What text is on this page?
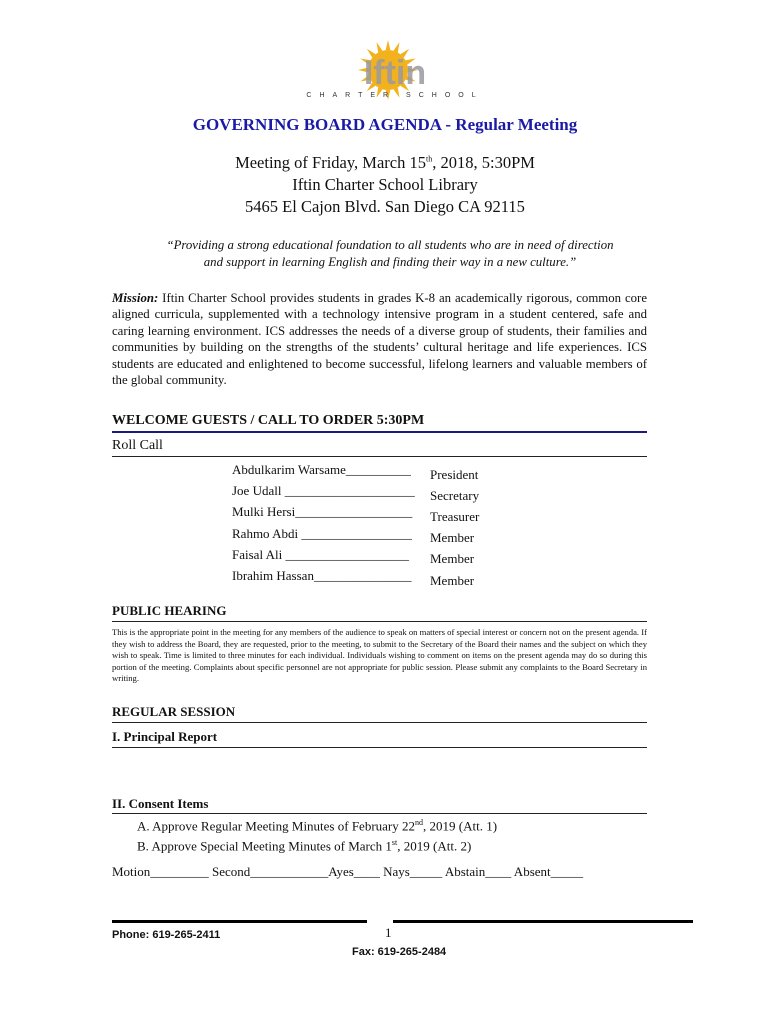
Iftin
CHARTER SCHOOL
GOVERNING BOARD AGENDA - Regular Meeting
Meeting of Friday, March 15th, 2018, 5:30PM
Iftin Charter School Library
5465 El Cajon Blvd. San Diego CA 92115
“Providing a strong educational foundation to all students who are in need of direction
and support in learning English and finding their way in a new culture.”
Mission: Iftin Charter School provides students in grades K-8 an academically rigorous, common core aligned curricula, supplemented with a technology intensive program in a student centered, safe and caring learning environment. ICS addresses the needs of a diverse group of students, their families and communities by building on the strengths of the students’ cultural heritage and life experiences. ICS students are educated and enlightened to become successful, lifelong learners and valuable members of the global community.
WELCOME GUESTS / CALL TO ORDER 5:30PM
Roll Call
Abdulkarim Warsame__________ President
Joe Udall ____________________ Secretary
Mulki Hersi__________________ Treasurer
Rahmo Abdi _________________ Member
Faisal Ali ___________________ Member
Ibrahim Hassan_______________ Member
PUBLIC HEARING
This is the appropriate point in the meeting for any members of the audience to speak on matters of special interest or concern not on the present agenda. If they wish to address the Board, they are requested, prior to the meeting, to submit to the Secretary of the Board their names and the subject on which they wish to speak. Time is limited to three minutes for each individual. Individuals wishing to comment on items on the present agenda may do so during this portion of the meeting. Complaints about specific personnel are not appropriate for public session. Please submit any complaints to the Board Secretary in writing.
REGULAR SESSION
I. Principal Report
II. Consent Items
A. Approve Regular Meeting Minutes of February 22nd, 2019 (Att. 1)
B. Approve Special Meeting Minutes of March 1st, 2019 (Att. 2)
Motion_________ Second____________Ayes____ Nays_____ Abstain____ Absent_____
Phone: 619-265-2411	1
Fax: 619-265-2484
